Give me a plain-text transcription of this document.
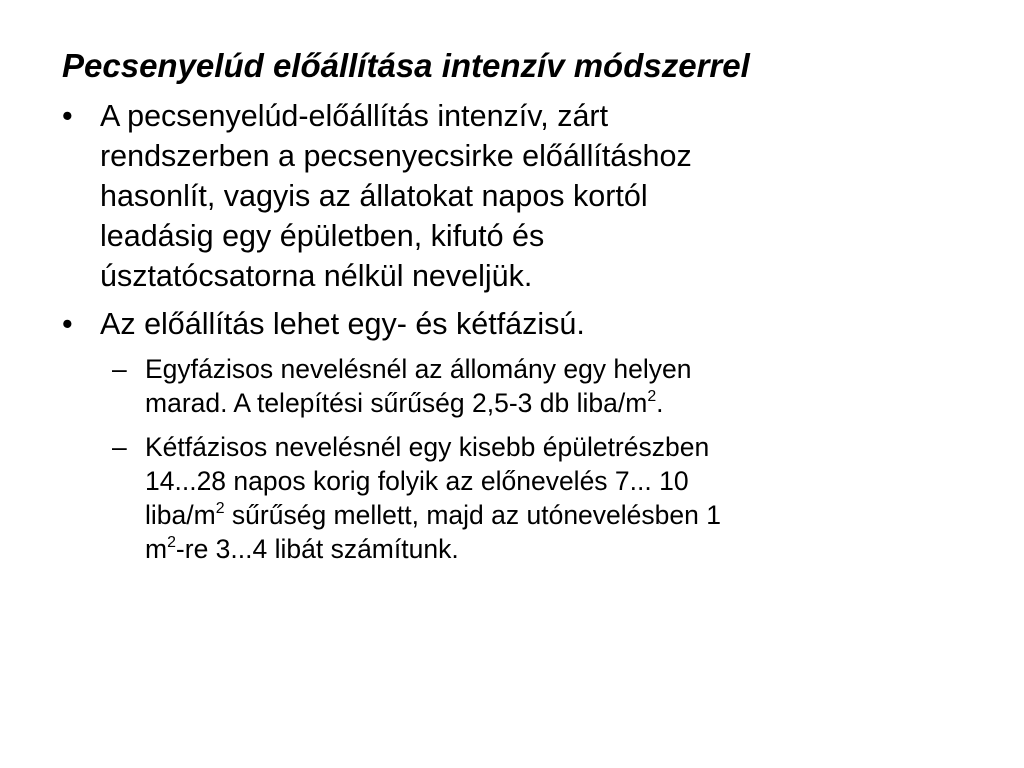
Pecsenyelúd előállítása intenzív módszerrel
• A pecsenyelúd-előállítás intenzív, zárt
rendszerben a pecsenyecsirke előállításhoz
hasonlít, vagyis az állatokat napos kortól
leadásig egy épületben, kifutó és
úsztatócsatorna nélkül neveljük.
• Az előállítás lehet egy- és kétfázisú.
– Egyfázisos nevelésnél az állomány egy helyen
marad. A telepítési sűrűség 2,5-3 db liba/$m^2$.
– Kétfázisos nevelésnél egy kisebb épületrészben
14...28 napos korig folyik az előnevelés 7... 10
liba/$m^2$ sűrűség mellett, majd az utónevelésben 1
$m^2-re$ 3...4 libát számítunk.
